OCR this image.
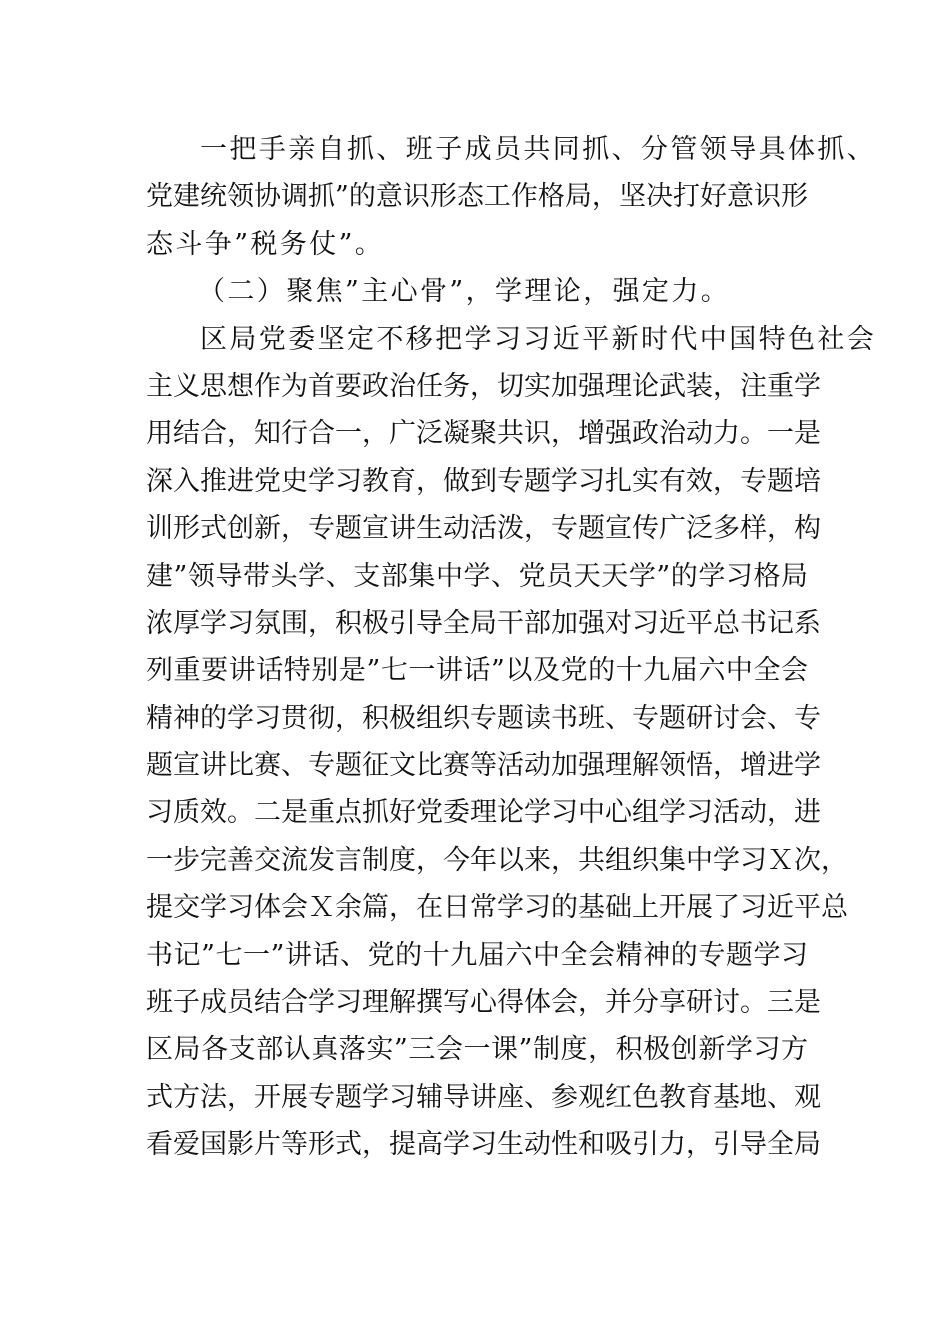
一把手亲自抓、班子成员共同抓、分管领导具体抓、
党建统领协调抓”的意识形态工作格局，坚决打好意识形
态斗争”税务仗”。
（二）聚焦”主心骨”，学理论，强定力。
区局党委坚定不移把学习习近平新时代中国特色社会
主义思想作为首要政治任务，切实加强理论武装，注重学
用结合，知行合一，广泛凝聚共识，增强政治动力。一是
深入推进党史学习教育，做到专题学习扎实有效，专题培
训形式创新，专题宣讲生动活泼，专题宣传广泛多样，构
建”领导带头学、支部集中学、党员天天学”的学习格局
浓厚学习氛围，积极引导全局干部加强对习近平总书记系
列重要讲话特别是”七一讲话”以及党的十九届六中全会
精神的学习贯彻，积极组织专题读书班、专题研讨会、专
题宣讲比赛、专题征文比赛等活动加强理解领悟，增进学
习质效。二是重点抓好党委理论学习中心组学习活动，进
一步完善交流发言制度，今年以来，共组织集中学习Ｘ次，
提交学习体会Ｘ余篇，在日常学习的基础上开展了习近平总
书记”七一”讲话、党的十九届六中全会精神的专题学习
班子成员结合学习理解撰写心得体会，并分享研讨。三是
区局各支部认真落实”三会一课”制度，积极创新学习方
式方法，开展专题学习辅导讲座、参观红色教育基地、观
看爱国影片等形式，提高学习生动性和吸引力，引导全局
